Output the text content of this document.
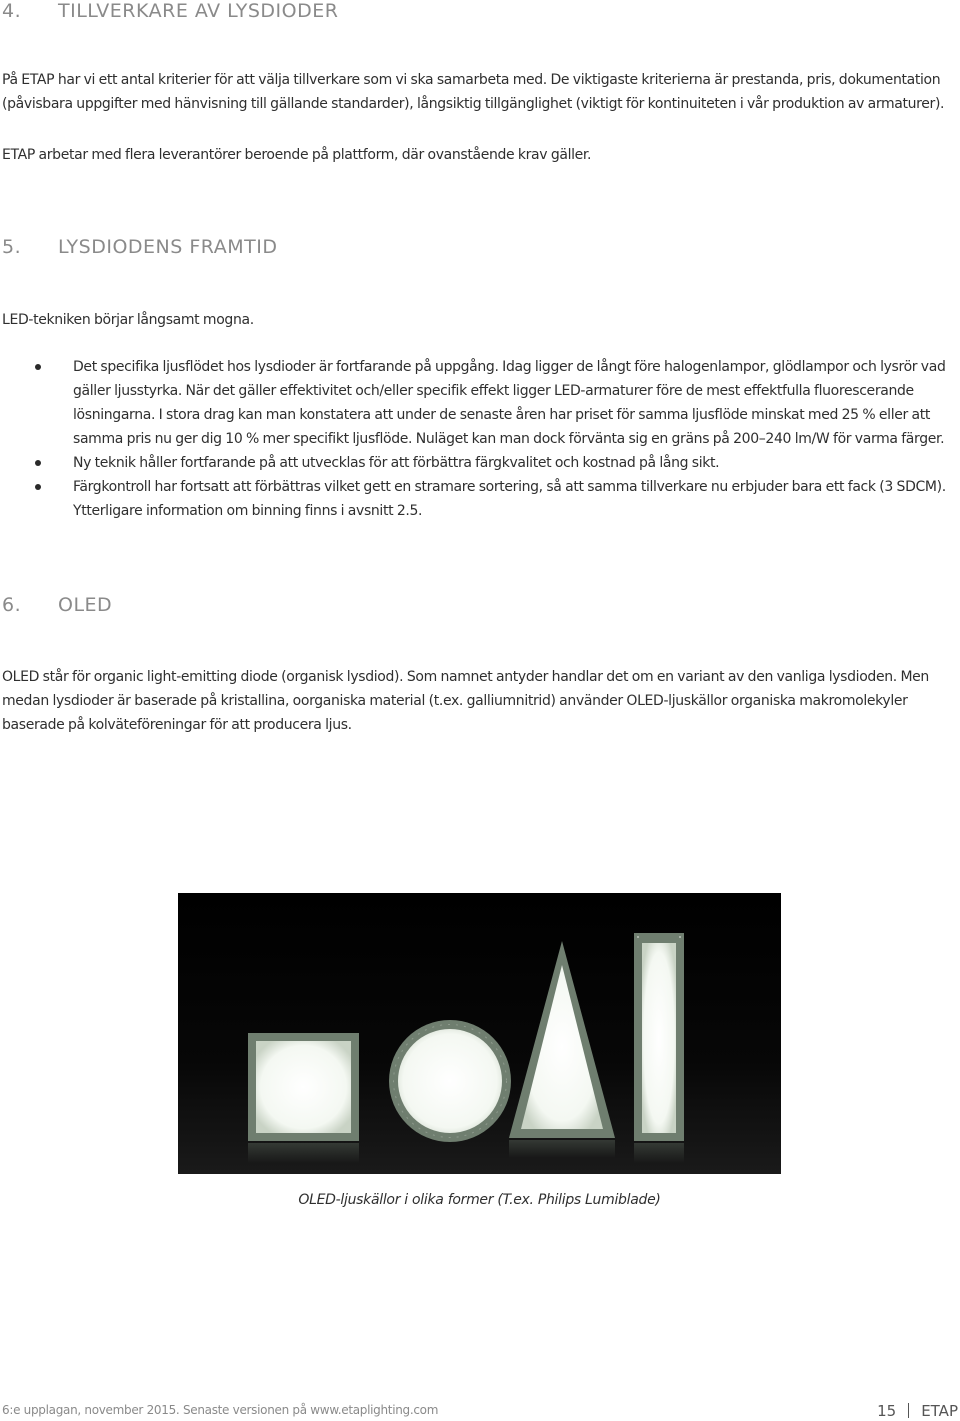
4. TILLVERKARE AV LYSDIODER

På ETAP har vi ett antal kriterier för att välja tillverkare som vi ska samarbeta med. De viktigaste kriterierna är prestanda, pris, dokumentation (påvisbara uppgifter med hänvisning till gällande standarder), långsiktig tillgänglighet (viktigt för kontinuiteten i vår produktion av armaturer).

ETAP arbetar med flera leverantörer beroende på plattform, där ovanstående krav gäller.

5. LYSDIODENS FRAMTID

LED-tekniken börjar långsamt mogna.

Det specifika ljusflödet hos lysdioder är fortfarande på uppgång. Idag ligger de långt före halogenlampor, glödlampor och lysrör vad gäller ljusstyrka. När det gäller effektivitet och/eller specifik effekt ligger LED-armaturer före de mest effektfulla fluorescerande lösningarna. I stora drag kan man konstatera att under de senaste åren har priset för samma ljusflöde minskat med 25 % eller att samma pris nu ger dig 10 % mer specifikt ljusflöde. Nuläget kan man dock förvänta sig en gräns på 200–240 lm/W för varma färger.
Ny teknik håller fortfarande på att utvecklas för att förbättra färgkvalitet och kostnad på lång sikt.
Färgkontroll har fortsatt att förbättras vilket gett en stramare sortering, så att samma tillverkare nu erbjuder bara ett fack (3 SDCM). Ytterligare information om binning finns i avsnitt 2.5.
6. OLED

OLED står för organic light-emitting diode (organisk lysdiod). Som namnet antyder handlar det om en variant av den vanliga lysdioden. Men medan lysdioder är baserade på kristallina, oorganiska material (t.ex. galliumnitrid) använder OLED-ljuskällor organiska makromolekyler baserade på kolväteföreningar för att producera ljus.

OLED-ljuskällor i olika former (T.ex. Philips Lumiblade)

6:e upplagan, november 2015. Senaste versionen på www.etaplighting.com	15 ETAP
